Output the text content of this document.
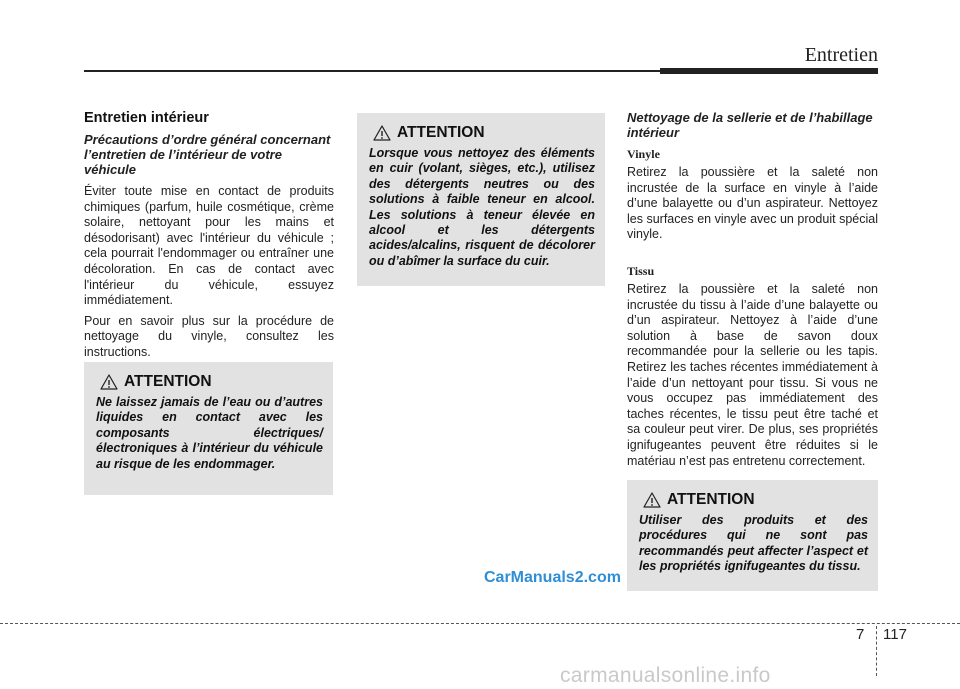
Entretien
Entretien intérieur
Précautions d’ordre général concernant l’entretien de l’intérieur de votre véhicule

Éviter toute mise en contact de produits chimiques (parfum, huile cosmétique, crème solaire, nettoyant pour les mains et désodorisant) avec l'intérieur du véhicule ; cela pourrait l'endommager ou entraîner une décoloration. En cas de contact avec l'intérieur du véhicule, essuyez immédiatement.

Pour en savoir plus sur la procédure de nettoyage du vinyle, consultez les instructions.

ATTENTION

Ne laissez jamais de l’eau ou d’autres liquides en contact avec les composants électriques/électroniques à l’intérieur du véhicule au risque de les endommager.

ATTENTION

Lorsque vous nettoyez des éléments en cuir (volant, sièges, etc.), utilisez des détergents neutres ou des solutions à faible teneur en alcool. Les solutions à teneur élevée en alcool et les détergents acides/alcalins, risquent de décolorer ou d’abîmer la surface du cuir.

Nettoyage de la sellerie et de l’habillage intérieur
Vinyle

Retirez la poussière et la saleté non incrustée de la surface en vinyle à l’aide d’une balayette ou d’un aspirateur. Nettoyez les surfaces en vinyle avec un produit spécial vinyle.

Tissu

Retirez la poussière et la saleté non incrustée du tissu à l’aide d’une balayette ou d’un aspirateur. Nettoyez à l’aide d’une solution à base de savon doux recommandée pour la sellerie ou les tapis. Retirez les taches récentes immédiatement à l’aide d’un nettoyant pour tissu. Si vous ne vous occupez pas immédiatement des taches récentes, le tissu peut être taché et sa couleur peut virer. De plus, ses propriétés ignifugeantes peuvent être réduites si le matériau n’est pas entretenu correctement.

ATTENTION

Utiliser des produits et des procédures qui ne sont pas recommandés peut affecter l’aspect et les propriétés ignifugeantes du tissu.

CarManuals2.com
7 117
carmanualsonline.info
